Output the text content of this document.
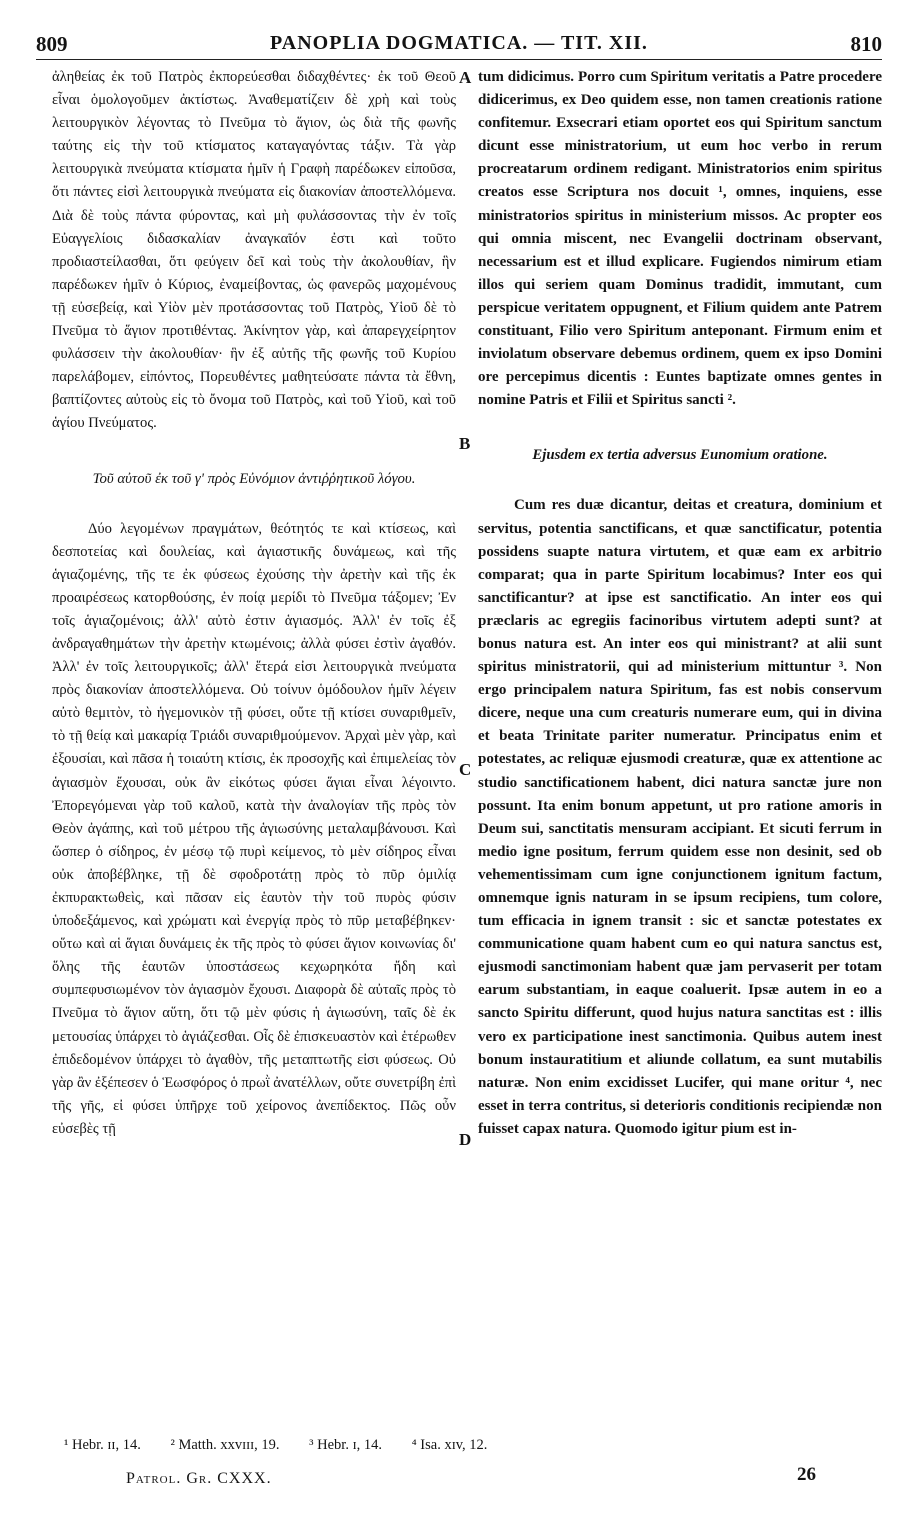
809	PANOPLIA DOGMATICA. — TIT. XII.	810

ἀληθείας ἐκ τοῦ Πατρὸς ἐκπορεύεσθαι διδαχθέντες· ἐκ τοῦ Θεοῦ εἶναι ὁμολογοῦμεν ἀκτίστως. Ἀναθεματίζειν δὲ χρὴ καὶ τοὺς λειτουργικὸν λέγοντας τὸ Πνεῦμα τὸ ἅγιον, ὡς διὰ τῆς φωνῆς ταύτης εἰς τὴν τοῦ κτίσματος καταγαγόντας τάξιν. Τὰ γὰρ λειτουργικὰ πνεύματα κτίσματα ἡμῖν ἡ Γραφὴ παρέδωκεν εἰποῦσα, ὅτι πάντες εἰσὶ λειτουργικὰ πνεύματα εἰς διακονίαν ἀποστελλόμενα. Διὰ δὲ τοὺς πάντα φύροντας, καὶ μὴ φυλάσσοντας τὴν ἐν τοῖς Εὐαγγελίοις διδασκαλίαν ἀναγκαῖόν ἐστι καὶ τοῦτο προδιαστείλασθαι, ὅτι φεύγειν δεῖ καὶ τοὺς τὴν ἀκολουθίαν, ἣν παρέδωκεν ἡμῖν ὁ Κύριος, ἐναμείβοντας, ὡς φανερῶς μαχομένους τῇ εὐσεβείᾳ, καὶ Υἱὸν μὲν προτάσσοντας τοῦ Πατρὸς, Υἱοῦ δὲ τὸ Πνεῦμα τὸ ἅγιον προτιθέντας. Ἀκίνητον γὰρ, καὶ ἀπαρεγχείρητον φυλάσσειν τὴν ἀκολουθίαν· ἣν ἐξ αὐτῆς τῆς φωνῆς τοῦ Κυρίου παρελάβομεν, εἰπόντος, Πορευθέντες μαθητεύσατε πάντα τὰ ἔθνη, βαπτίζοντες αὐτοὺς εἰς τὸ ὄνομα τοῦ Πατρὸς, καὶ τοῦ Υἱοῦ, καὶ τοῦ ἁγίου Πνεύματος.

Τοῦ αὐτοῦ ἐκ τοῦ γ' πρὸς Εὐνόμιον ἀντιῤῥητικοῦ λόγου.

Δύο λεγομένων πραγμάτων, θεότητός τε καὶ κτίσεως, καὶ δεσποτείας καὶ δουλείας, καὶ ἁγιαστικῆς δυνάμεως, καὶ τῆς ἁγιαζομένης, τῆς τε ἐκ φύσεως ἐχούσης τὴν ἀρετὴν καὶ τῆς ἐκ προαιρέσεως κατορθούσης, ἐν ποίᾳ μερίδι τὸ Πνεῦμα τάξομεν; Ἐν τοῖς ἁγιαζομένοις; ἀλλ' αὐτὸ ἐστιν ἁγιασμός. Ἀλλ' ἐν τοῖς ἐξ ἀνδραγαθημάτων τὴν ἀρετὴν κτωμένοις; ἀλλὰ φύσει ἐστὶν ἀγαθόν. Ἀλλ' ἐν τοῖς λειτουργικοῖς; ἀλλ' ἕτερά εἰσι λειτουργικὰ πνεύματα πρὸς διακονίαν ἀποστελλόμενα. Οὐ τοίνυν ὁμόδουλον ἡμῖν λέγειν αὐτὸ θεμιτὸν, τὸ ἡγεμονικὸν τῇ φύσει, οὔτε τῇ κτίσει συναριθμεῖν, τὸ τῇ θείᾳ καὶ μακαρίᾳ Τριάδι συναριθμούμενον. Ἀρχαὶ μὲν γὰρ, καὶ ἐξουσίαι, καὶ πᾶσα ἡ τοιαύτη κτίσις, ἐκ προσοχῆς καὶ ἐπιμελείας τὸν ἁγιασμὸν ἔχουσαι, οὐκ ἂν εἰκότως φύσει ἅγιαι εἶναι λέγοιντο. Ἐπορεγόμεναι γὰρ τοῦ καλοῦ, κατὰ τὴν ἀναλογίαν τῆς πρὸς τὸν Θεὸν ἀγάπης, καὶ τοῦ μέτρου τῆς ἁγιωσύνης μεταλαμβάνουσι. Καὶ ὥσπερ ὁ σίδηρος, ἐν μέσῳ τῷ πυρὶ κείμενος, τὸ μὲν σίδηρος εἶναι οὐκ ἀποβέβληκε, τῇ δὲ σφοδροτάτῃ πρὸς τὸ πῦρ ὁμιλίᾳ ἐκπυρακτωθεὶς, καὶ πᾶσαν εἰς ἑαυτὸν τὴν τοῦ πυρὸς φύσιν ὑποδεξάμενος, καὶ χρώματι καὶ ἐνεργίᾳ πρὸς τὸ πῦρ μεταβέβηκεν· οὕτω καὶ αἱ ἅγιαι δυνάμεις ἐκ τῆς πρὸς τὸ φύσει ἅγιον κοινωνίας δι' ὅλης τῆς ἑαυτῶν ὑποστάσεως κεχωρηκότα ἤδη καὶ συμπεφυσιωμένον τὸν ἁγιασμὸν ἔχουσι. Διαφορὰ δὲ αὐταῖς πρὸς τὸ Πνεῦμα τὸ ἅγιον αὕτη, ὅτι τῷ μὲν φύσις ἡ ἁγιωσύνη, ταῖς δὲ ἐκ μετουσίας ὑπάρχει τὸ ἁγιάζεσθαι. Οἷς δὲ ἐπισκευαστὸν καὶ ἑτέρωθεν ἐπιδεδομένον ὑπάρχει τὸ ἀγαθὸν, τῆς μεταπτωτῆς εἰσι φύσεως. Οὐ γὰρ ἂν ἐξέπεσεν ὁ Ἑωσφόρος ὁ πρωῒ ἀνατέλλων, οὔτε συνετρίβη ἐπὶ τῆς γῆς, εἰ φύσει ὑπῆρχε τοῦ χείρονος ἀνεπίδεκτος. Πῶς οὖν εὐσεβὲς τῇ

A
B
C
D

tum didicimus. Porro cum Spiritum veritatis a Patre procedere didicerimus, ex Deo quidem esse, non tamen creationis ratione confitemur. Exsecrari etiam oportet eos qui Spiritum sanctum dicunt esse ministratorium, ut eum hoc verbo in rerum procreatarum ordinem redigant. Ministratorios enim spiritus creatos esse Scriptura nos docuit ¹, omnes, inquiens, esse ministratorios spiritus in ministerium missos. Ac propter eos qui omnia miscent, nec Evangelii doctrinam observant, necessarium est et illud explicare. Fugiendos nimirum etiam illos qui seriem quam Dominus tradidit, immutant, cum perspicue veritatem oppugnent, et Filium quidem ante Patrem constituant, Filio vero Spiritum anteponant. Firmum enim et inviolatum observare debemus ordinem, quem ex ipso Domini ore percepimus dicentis : Euntes baptizate omnes gentes in nomine Patris et Filii et Spiritus sancti ².

Ejusdem ex tertia adversus Eunomium oratione.

Cum res duæ dicantur, deitas et creatura, dominium et servitus, potentia sanctificans, et quæ sanctificatur, potentia possidens suapte natura virtutem, et quæ eam ex arbitrio comparat; qua in parte Spiritum locabimus? Inter eos qui sanctificantur? at ipse est sanctificatio. An inter eos qui præclaris ac egregiis facinoribus virtutem adepti sunt? at bonus natura est. An inter eos qui ministrant? at alii sunt spiritus ministratorii, qui ad ministerium mittuntur ³. Non ergo principalem natura Spiritum, fas est nobis conservum dicere, neque una cum creaturis numerare eum, qui in divina et beata Trinitate pariter numeratur. Principatus enim et potestates, ac reliquæ ejusmodi creaturæ, quæ ex attentione ac studio sanctificationem habent, dici natura sanctæ jure non possunt. Ita enim bonum appetunt, ut pro ratione amoris in Deum sui, sanctitatis mensuram accipiant. Et sicuti ferrum in medio igne positum, ferrum quidem esse non desinit, sed ob vehementissimam cum igne conjunctionem ignitum factum, omnemque ignis naturam in se ipsum recipiens, tum colore, tum efficacia in ignem transit : sic et sanctæ potestates ex communicatione quam habent cum eo qui natura sanctus est, ejusmodi sanctimoniam habent quæ jam pervaserit per totam earum substantiam, in eaque coaluerit. Ipsæ autem in eo a sancto Spiritu differunt, quod hujus natura sanctitas est : illis vero ex participatione inest sanctimonia. Quibus autem inest bonum instauratitium et aliunde collatum, ea sunt mutabilis naturæ. Non enim excidisset Lucifer, qui mane oritur ⁴, nec esset in terra contritus, si deterioris conditionis recipiendæ non fuisset capax natura. Quomodo igitur pium est in-

¹ Hebr. ɪɪ, 14. ² Matth. xxvɪɪɪ, 19. ³ Hebr. ɪ, 14. ⁴ Isa. xɪv, 12.
Patrol. Gr. CXXX.	26
